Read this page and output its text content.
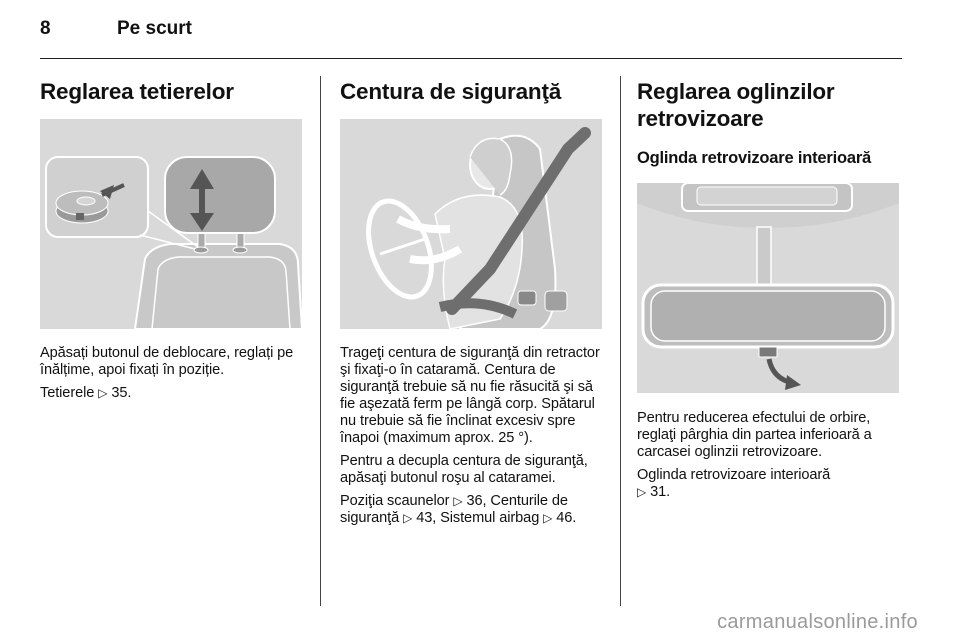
8	Pe scurt
Reglarea tetierelor

Apăsați butonul de deblocare, reglați pe înălțime, apoi fixați în poziție.

Tetierele ▷ 35.

Centura de siguranţă

Trageţi centura de siguranţă din retractor şi fixaţi-o în cataramă. Centura de siguranţă trebuie să nu fie răsucită şi să fie aşezată ferm pe lângă corp. Spătarul nu trebuie să fie înclinat excesiv spre înapoi (maximum aprox. 25 °).

Pentru a decupla centura de siguranţă, apăsaţi butonul roşu al cataramei.

Poziţia scaunelor ▷ 36, Centurile de siguranţă ▷ 43, Sistemul airbag ▷ 46.

Reglarea oglinzilor retrovizoare
Oglinda retrovizoare interioară

Pentru reducerea efectului de orbire, reglaţi pârghia din partea inferioară a carcasei oglinzii retrovizoare.

Oglinda retrovizoare interioară
▷ 31.

carmanualsonline.info
